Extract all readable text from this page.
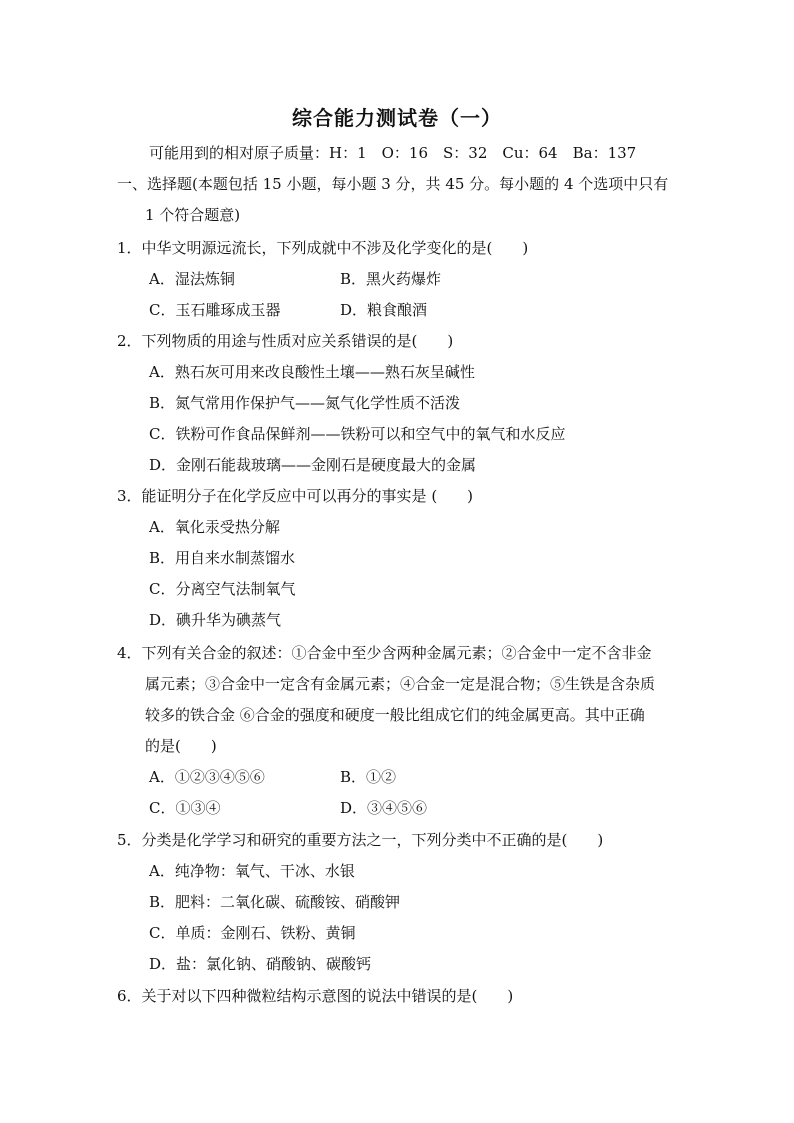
综合能力测试卷（一）
可能用到的相对原子质量：H：1　O：16　S：32　Cu：64　Ba：137
一、选择题(本题包括 15 小题，每小题 3 分，共 45 分。每小题的 4 个选项中只有
1 个符合题意)
1．中华文明源远流长，下列成就中不涉及化学变化的是(　　)
A．湿法炼铜	B．黑火药爆炸
C．玉石雕琢成玉器	D．粮食酿酒
2．下列物质的用途与性质对应关系错误的是(　　)
A．熟石灰可用来改良酸性土壤——熟石灰呈碱性
B．氮气常用作保护气——氮气化学性质不活泼
C．铁粉可作食品保鲜剂——铁粉可以和空气中的氧气和水反应
D．金刚石能裁玻璃——金刚石是硬度最大的金属
3．能证明分子在化学反应中可以再分的事实是 (　　)
A．氧化汞受热分解
B．用自来水制蒸馏水
C．分离空气法制氧气
D．碘升华为碘蒸气
4．下列有关合金的叙述：①合金中至少含两种金属元素；②合金中一定不含非金
属元素；③合金中一定含有金属元素；④合金一定是混合物；⑤生铁是含杂质
较多的铁合金 ⑥合金的强度和硬度一般比组成它们的纯金属更高。其中正确
的是(　　)
A．①②③④⑤⑥	B．①②
C．①③④	D．③④⑤⑥
5．分类是化学学习和研究的重要方法之一，下列分类中不正确的是(　　)
A．纯净物：氧气、干冰、水银
B．肥料：二氧化碳、硫酸铵、硝酸钾
C．单质：金刚石、铁粉、黄铜
D．盐：氯化钠、硝酸钠、碳酸钙
6．关于对以下四种微粒结构示意图的说法中错误的是(　　)
